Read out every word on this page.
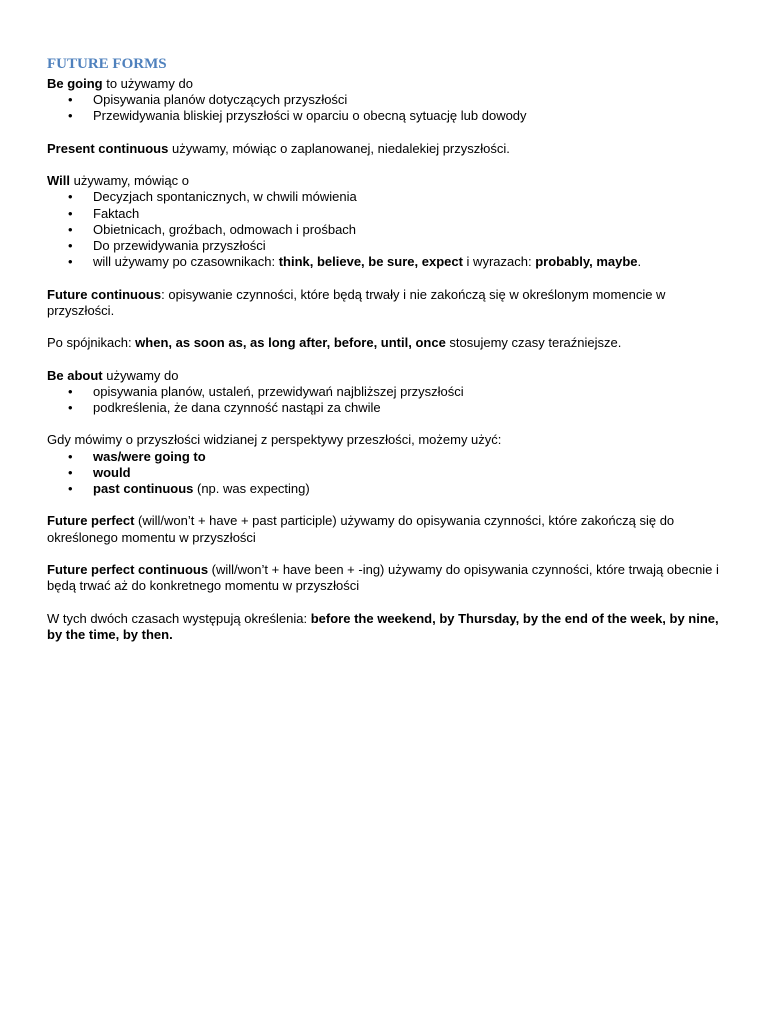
FUTURE FORMS

Be going to używamy do

• Opisywania planów dotyczących przyszłości
• Przewidywania bliskiej przyszłości w oparciu o obecną sytuację lub dowody

Present continuous używamy, mówiąc o zaplanowanej, niedalekiej przyszłości.

Will używamy, mówiąc o

• Decyzjach spontanicznych, w chwili mówienia
• Faktach
• Obietnicach, groźbach, odmowach i prośbach
• Do przewidywania przyszłości
• will używamy po czasownikach: think, believe, be sure, expect i wyrazach: probably, maybe.

Future continuous: opisywanie czynności, które będą trwały i nie zakończą się w określonym momencie w przyszłości.

Po spójnikach: when, as soon as, as long after, before, until, once stosujemy czasy teraźniejsze.

Be about używamy do

• opisywania planów, ustaleń, przewidywań najbliższej przyszłości
• podkreślenia, że dana czynność nastąpi za chwile

Gdy mówimy o przyszłości widzianej z perspektywy przeszłości, możemy użyć:

• was/were going to
• would
• past continuous (np. was expecting)

Future perfect (will/won’t + have + past participle) używamy do opisywania czynności, które zakończą się do określonego momentu w przyszłości

Future perfect continuous (will/won’t + have been + -ing) używamy do opisywania czynności, które trwają obecnie i będą trwać aż do konkretnego momentu w przyszłości

W tych dwóch czasach występują określenia: before the weekend, by Thursday, by the end of the week, by nine, by the time, by then.
